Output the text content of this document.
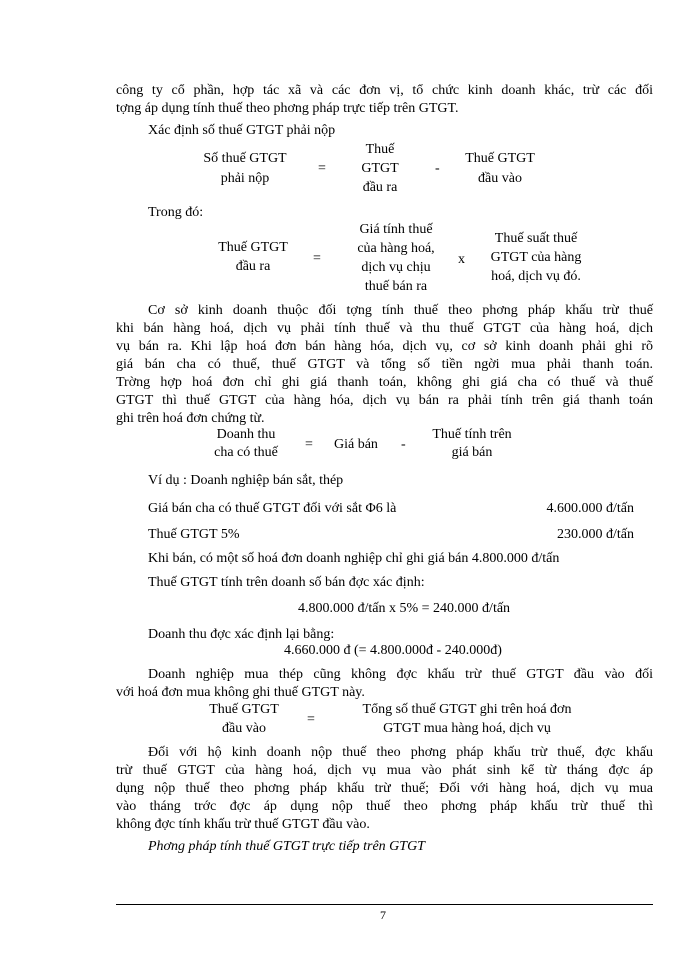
công ty cổ phần, hợp tác xã và các đơn vị, tổ chức kinh doanh khác, trừ các đối
tợng áp dụng tính thuế theo phơng pháp trực tiếp trên GTGT.
Xác định số thuế GTGT phải nộp
Số thuế GTGT
phải nộp
=
Thuế
GTGT
đầu ra
-
Thuế GTGT
đầu vào
Trong đó:
Thuế GTGT
đầu ra
=
Giá tính thuế
của hàng hoá,
dịch vụ chịu
thuế bán ra
x
Thuế suất thuế
GTGT của hàng
hoá, dịch vụ đó.
Cơ sở kinh doanh thuộc đối tợng tính thuế theo phơng pháp khấu trừ thuế
khi bán hàng hoá, dịch vụ phải tính thuế và thu thuế GTGT của hàng hoá, dịch
vụ bán ra. Khi lập hoá đơn bán hàng hóa, dịch vụ, cơ sở kinh doanh phải ghi rõ
giá bán cha có thuế, thuế GTGT và tổng số tiền ngời mua phải thanh toán.
Trờng hợp hoá đơn chỉ ghi giá thanh toán, không ghi giá cha có thuế và thuế
GTGT thì thuế GTGT của hàng hóa, dịch vụ bán ra phải tính trên giá thanh toán
ghi trên hoá đơn chứng từ.
Doanh thu
cha có thuế
= Giá bán -
Thuế tính trên
giá bán
Ví dụ : Doanh nghiệp bán sắt, thép
Giá bán cha có thuế GTGT đối với sắt Φ6 là	4.600.000 đ/tấn
Thuế GTGT 5%	230.000 đ/tấn
Khi bán, có một số hoá đơn doanh nghiệp chỉ ghi giá bán 4.800.000 đ/tấn
Thuế GTGT tính trên doanh số bán đợc xác định:
4.800.000 đ/tấn x 5% = 240.000 đ/tấn
Doanh thu đợc xác định lại bằng:
4.660.000 đ (= 4.800.000đ - 240.000đ)
Doanh nghiệp mua thép cũng không đợc khấu trừ thuế GTGT đầu vào đối
với hoá đơn mua không ghi thuế GTGT này.
Thuế GTGT
đầu vào
=
Tổng số thuế GTGT ghi trên hoá đơn
GTGT mua hàng hoá, dịch vụ
Đối với hộ kinh doanh nộp thuế theo phơng pháp khấu trừ thuế, đợc khấu
trừ thuế GTGT của hàng hoá, dịch vụ mua vào phát sinh kể từ tháng đợc áp
dụng nộp thuế theo phơng pháp khấu trừ thuế; Đối với hàng hoá, dịch vụ mua
vào tháng trớc đợc áp dụng nộp thuế theo phơng pháp khấu trừ thuế thì
không đợc tính khấu trừ thuế GTGT đầu vào.
Phơng pháp tính thuế GTGT trực tiếp trên GTGT
7
